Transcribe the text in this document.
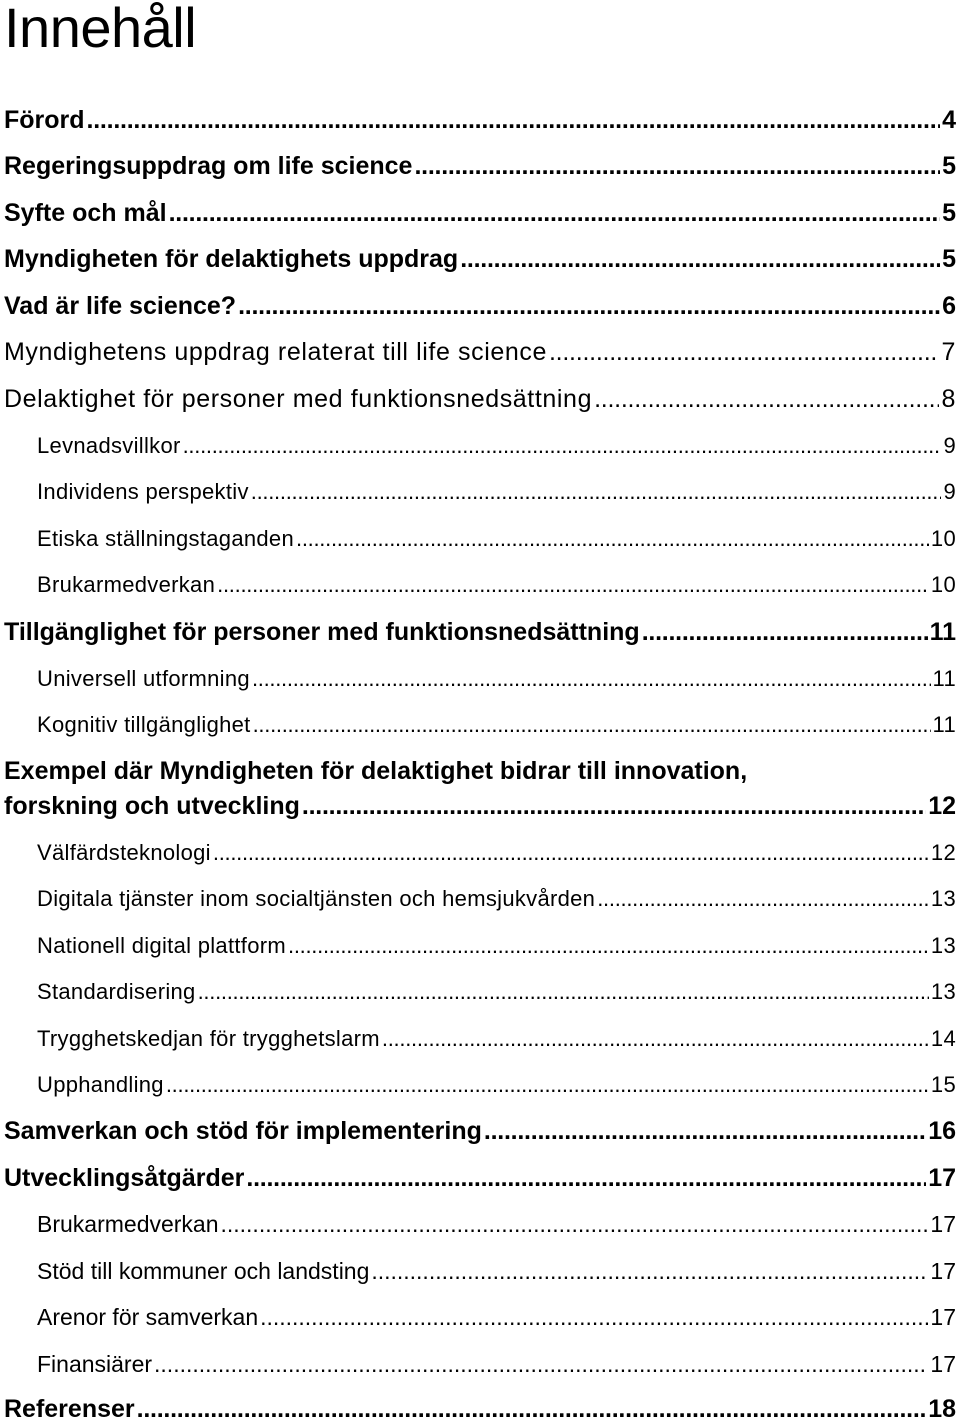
Innehåll
Förord . . .	4
Regeringsuppdrag om life science . . .	5
Syfte och mål . . .	5
Myndigheten för delaktighets uppdrag . . .	5
Vad är life science? . . .	6
Myndighetens uppdrag relaterat till life science . . .	7
Delaktighet för personer med funktionsnedsättning . . .	8
Levnadsvillkor . . .	9
Individens perspektiv . . .	9
Etiska ställningstaganden . . .	10
Brukarmedverkan . . .	10
Tillgänglighet för personer med funktionsnedsättning . . .	11
Universell utformning . . .	11
Kognitiv tillgänglighet . . .	11
Exempel där Myndigheten för delaktighet bidrar till innovation,
forskning och utveckling . . .	12
Välfärdsteknologi . . .	12
Digitala tjänster inom socialtjänsten och hemsjukvården . . .	13
Nationell digital plattform . . .	13
Standardisering . . .	13
Trygghetskedjan för trygghetslarm . . .	14
Upphandling . . .	15
Samverkan och stöd för implementering . . .	16
Utvecklingsåtgärder . . .	17
Brukarmedverkan . . .	17
Stöd till kommuner och landsting . . .	17
Arenor för samverkan . . .	17
Finansiärer . . .	17
Referenser . . .	18
